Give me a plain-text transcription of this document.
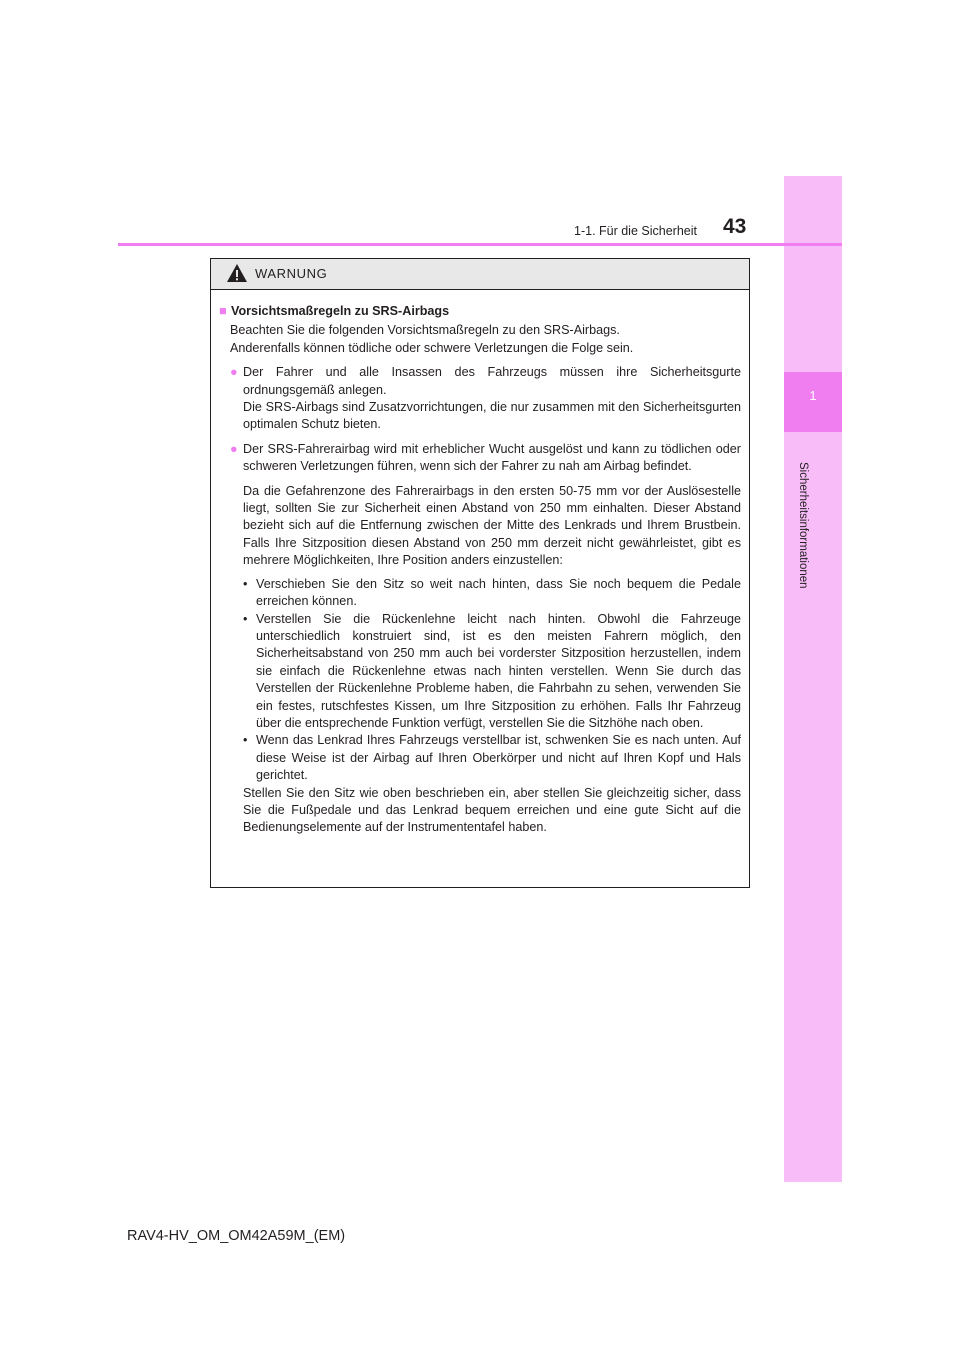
1
Sicherheitsinformationen
1-1. Für die Sicherheit 43
WARNUNG
■ Vorsichtsmaßregeln zu SRS-Airbags

Beachten Sie die folgenden Vorsichtsmaßregeln zu den SRS-Airbags.

Anderenfalls können tödliche oder schwere Verletzungen die Folge sein.

● Der Fahrer und alle Insassen des Fahrzeugs müssen ihre Sicherheitsgurte ordnungsgemäß anlegen.

Die SRS-Airbags sind Zusatzvorrichtungen, die nur zusammen mit den Sicherheitsgurten optimalen Schutz bieten.

● Der SRS-Fahrerairbag wird mit erheblicher Wucht ausgelöst und kann zu tödlichen oder schweren Verletzungen führen, wenn sich der Fahrer zu nah am Airbag befindet.

Da die Gefahrenzone des Fahrerairbags in den ersten 50-75 mm vor der Auslösestelle liegt, sollten Sie zur Sicherheit einen Abstand von 250 mm einhalten. Dieser Abstand bezieht sich auf die Entfernung zwischen der Mitte des Lenkrads und Ihrem Brustbein. Falls Ihre Sitzposition diesen Abstand von 250 mm derzeit nicht gewährleistet, gibt es mehrere Möglichkeiten, Ihre Position anders einzustellen:

• Verschieben Sie den Sitz so weit nach hinten, dass Sie noch bequem die Pedale erreichen können.
• Verstellen Sie die Rückenlehne leicht nach hinten. Obwohl die Fahrzeuge unterschiedlich konstruiert sind, ist es den meisten Fahrern möglich, den Sicherheitsabstand von 250 mm auch bei vorderster Sitzposition herzustellen, indem sie einfach die Rückenlehne etwas nach hinten verstellen. Wenn Sie durch das Verstellen der Rückenlehne Probleme haben, die Fahrbahn zu sehen, verwenden Sie ein festes, rutschfestes Kissen, um Ihre Sitzposition zu erhöhen. Falls Ihr Fahrzeug über die entsprechende Funktion verfügt, verstellen Sie die Sitzhöhe nach oben.
• Wenn das Lenkrad Ihres Fahrzeugs verstellbar ist, schwenken Sie es nach unten. Auf diese Weise ist der Airbag auf Ihren Oberkörper und nicht auf Ihren Kopf und Hals gerichtet.

Stellen Sie den Sitz wie oben beschrieben ein, aber stellen Sie gleichzeitig sicher, dass Sie die Fußpedale und das Lenkrad bequem erreichen und eine gute Sicht auf die Bedienungselemente auf der Instrumententafel haben.

RAV4-HV_OM_OM42A59M_(EM)
